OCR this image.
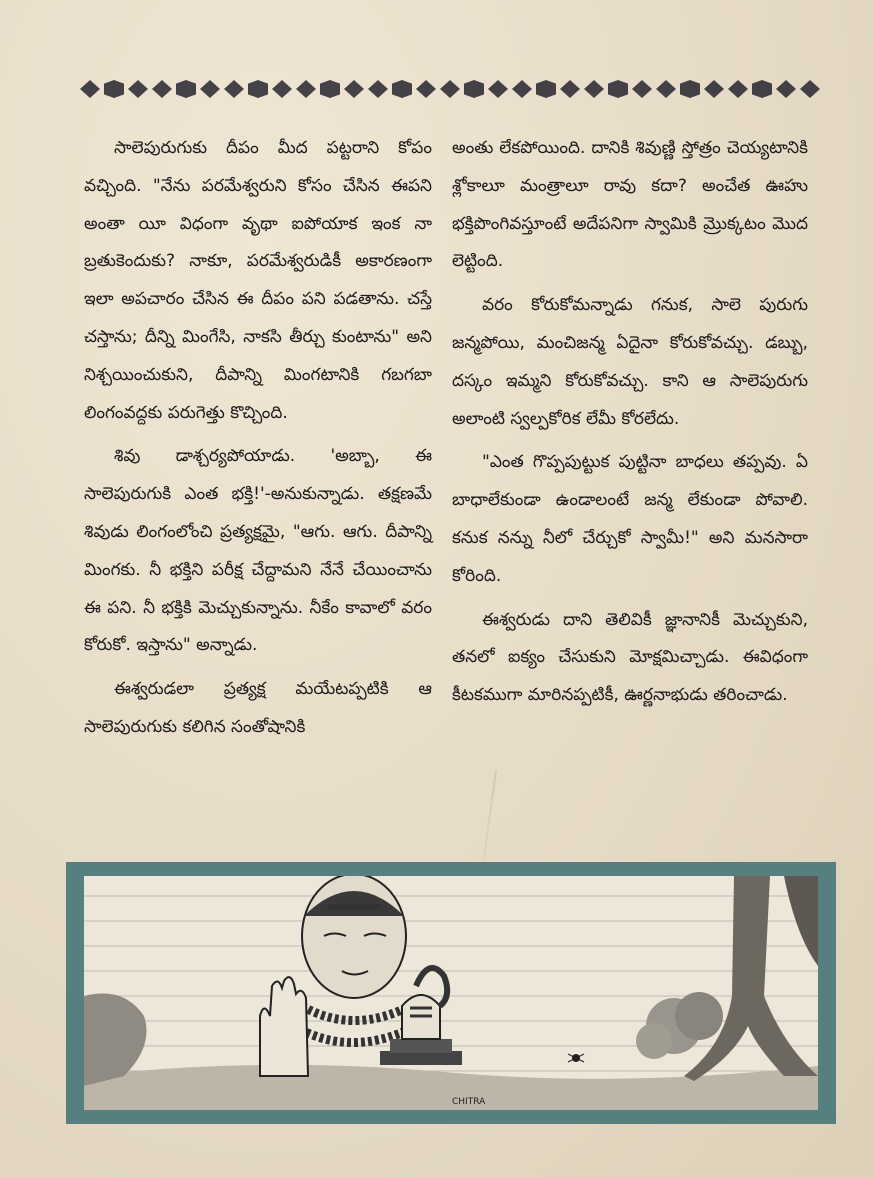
సాలెపురుగుకు దీపం మీద పట్టరాని కోపం వచ్చింది. "నేను పరమేశ్వరుని కోసం చేసిన ఈపని అంతా యీ విధంగా వృథా ఐపోయాక ఇంక నా బ్రతుకెందుకు? నాకూ, పరమేశ్వరుడికీ అకారణంగా ఇలా అపచారం చేసిన ఈ దీపం పని పడతాను. చస్తే చస్తాను; దీన్ని మింగేసి, నాకసి తీర్చు కుంటాను" అని నిశ్చయించుకుని, దీపాన్ని మింగటానికి గబగబా లింగంవద్దకు పరుగెత్తు కొచ్చింది.

శివు డాశ్చర్యపోయాడు. 'అబ్బా, ఈ సాలెపురుగుకి ఎంత భక్తి!'-అనుకున్నాడు. తక్షణమే శివుడు లింగంలోంచి ప్రత్యక్షమై, "ఆగు. ఆగు. దీపాన్ని మింగకు. నీ భక్తిని పరీక్ష చేద్దామని నేనే చేయించాను ఈ పని. నీ భక్తికి మెచ్చుకున్నాను. నీకేం కావాలో వరం కోరుకో. ఇస్తాను" అన్నాడు.

ఈశ్వరుడలా ప్రత్యక్ష మయేటప్పటికి ఆ సాలెపురుగుకు కలిగిన సంతోషానికి

అంతు లేకపోయింది. దానికి శివుణ్ణి స్తోత్రం చెయ్యటానికి శ్లోకాలూ మంత్రాలూ రావు కదా? అంచేత ఊహు భక్తిపొంగివస్తూంటే అదేపనిగా స్వామికి మ్రొక్కటం మొద లెట్టింది.

వరం కోరుకోమన్నాడు గనుక, సాలె పురుగు జన్మపోయి, మంచిజన్మ ఏదైనా కోరుకోవచ్చు. డబ్బు, దస్కం ఇమ్మని కోరుకోవచ్చు. కాని ఆ సాలెపురుగు అలాంటి స్వల్పకోరిక లేమీ కోరలేదు.

"ఎంత గొప్పపుట్టుక పుట్టినా బాధలు తప్పవు. ఏ బాధాలేకుండా ఉండాలంటే జన్మ లేకుండా పోవాలి. కనుక నన్ను నీలో చేర్చుకో స్వామీ!" అని మనసారా కోరింది.

ఈశ్వరుడు దాని తెలివికీ జ్ఞానానికీ మెచ్చుకుని, తనలో ఐక్యం చేసుకుని మోక్షమిచ్చాడు. ఈవిధంగా కీటకముగా మారినప్పటికీ, ఊర్ణనాభుడు తరించాడు.

CHITRA
